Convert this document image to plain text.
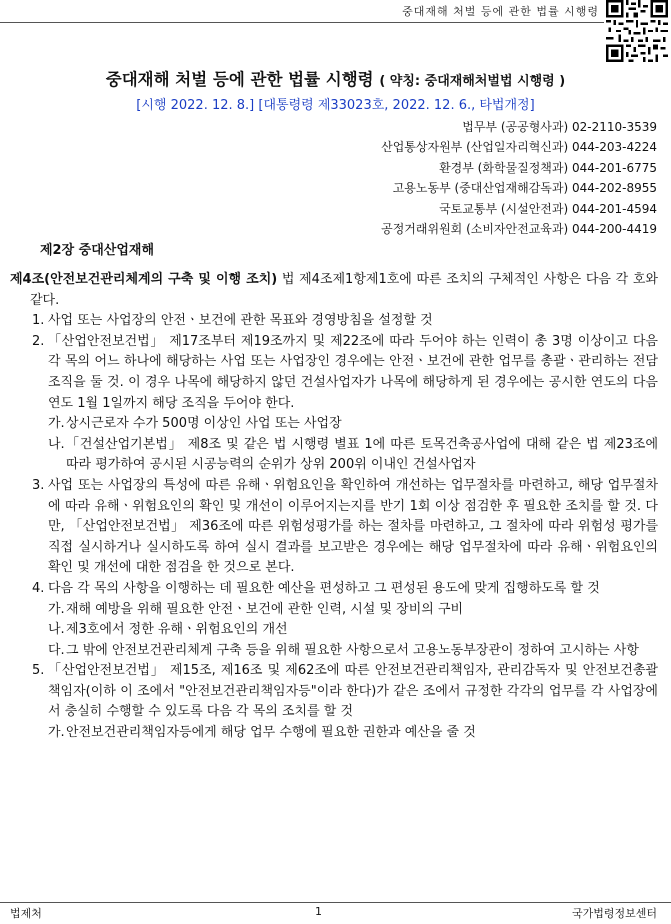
중대재해 처벌 등에 관한 법률 시행령
중대재해 처벌 등에 관한 법률 시행령 ( 약칭: 중대재해처벌법 시행령 )
[시행 2022. 12. 8.] [대통령령 제33023호, 2022. 12. 6., 타법개정]
법무부 (공공형사과) 02-2110-3539
산업통상자원부 (산업일자리혁신과) 044-203-4224
환경부 (화학물질정책과) 044-201-6775
고용노동부 (중대산업재해감독과) 044-202-8955
국토교통부 (시설안전과) 044-201-4594
공정거래위원회 (소비자안전교육과) 044-200-4419
제2장 중대산업재해
제4조(안전보건관리체계의 구축 및 이행 조치) 법 제4조제1항제1호에 따른 조치의 구체적인 사항은 다음 각 호와 같다.
1. 사업 또는 사업장의 안전ㆍ보건에 관한 목표와 경영방침을 설정할 것
2. 「산업안전보건법」 제17조부터 제19조까지 및 제22조에 따라 두어야 하는 인력이 총 3명 이상이고 다음 각 목의 어느 하나에 해당하는 사업 또는 사업장인 경우에는 안전ㆍ보건에 관한 업무를 총괄ㆍ관리하는 전담 조직을 둘 것. 이 경우 나목에 해당하지 않던 건설사업자가 나목에 해당하게 된 경우에는 공시한 연도의 다음 연도 1월 1일까지 해당 조직을 두어야 한다.
가. 상시근로자 수가 500명 이상인 사업 또는 사업장
나. 「건설산업기본법」 제8조 및 같은 법 시행령 별표 1에 따른 토목건축공사업에 대해 같은 법 제23조에 따라 평가하여 공시된 시공능력의 순위가 상위 200위 이내인 건설사업자
3. 사업 또는 사업장의 특성에 따른 유해ㆍ위험요인을 확인하여 개선하는 업무절차를 마련하고, 해당 업무절차에 따라 유해ㆍ위험요인의 확인 및 개선이 이루어지는지를 반기 1회 이상 점검한 후 필요한 조치를 할 것. 다만, 「산업안전보건법」 제36조에 따른 위험성평가를 하는 절차를 마련하고, 그 절차에 따라 위험성 평가를 직접 실시하거나 실시하도록 하여 실시 결과를 보고받은 경우에는 해당 업무절차에 따라 유해ㆍ위험요인의 확인 및 개선에 대한 점검을 한 것으로 본다.
4. 다음 각 목의 사항을 이행하는 데 필요한 예산을 편성하고 그 편성된 용도에 맞게 집행하도록 할 것
가. 재해 예방을 위해 필요한 안전ㆍ보건에 관한 인력, 시설 및 장비의 구비
나. 제3호에서 정한 유해ㆍ위험요인의 개선
다. 그 밖에 안전보건관리체계 구축 등을 위해 필요한 사항으로서 고용노동부장관이 정하여 고시하는 사항
5. 「산업안전보건법」 제15조, 제16조 및 제62조에 따른 안전보건관리책임자, 관리감독자 및 안전보건총괄책임자(이하 이 조에서 "안전보건관리책임자등"이라 한다)가 같은 조에서 규정한 각각의 업무를 각 사업장에서 충실히 수행할 수 있도록 다음 각 목의 조치를 할 것
가. 안전보건관리책임자등에게 해당 업무 수행에 필요한 권한과 예산을 줄 것
법제처	1	국가법령정보센터
